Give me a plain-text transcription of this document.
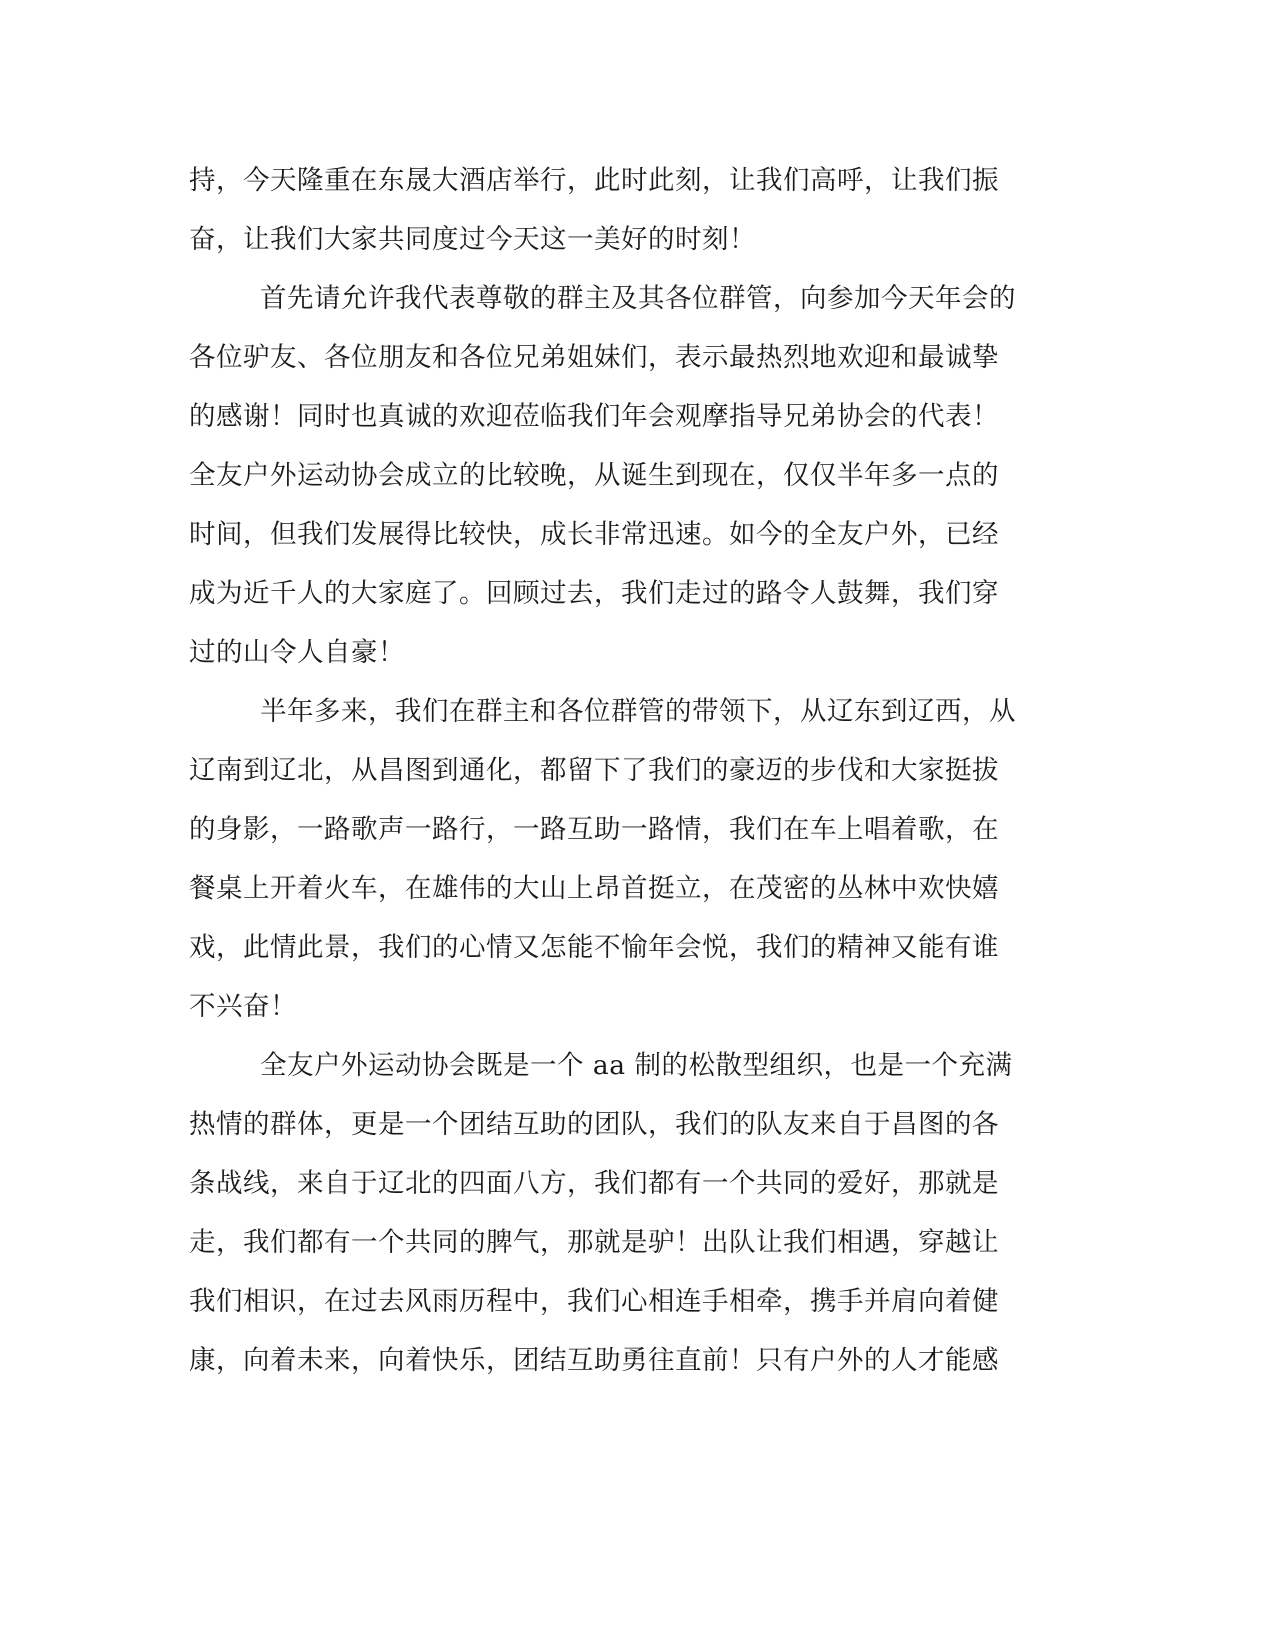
持，今天隆重在东晟大酒店举行，此时此刻，让我们高呼，让我们振
奋，让我们大家共同度过今天这一美好的时刻！
首先请允许我代表尊敬的群主及其各位群管，向参加今天年会的
各位驴友、各位朋友和各位兄弟姐妹们，表示最热烈地欢迎和最诚挚
的感谢！同时也真诚的欢迎莅临我们年会观摩指导兄弟协会的代表！
全友户外运动协会成立的比较晚，从诞生到现在，仅仅半年多一点的
时间，但我们发展得比较快，成长非常迅速。如今的全友户外，已经
成为近千人的大家庭了。回顾过去，我们走过的路令人鼓舞，我们穿
过的山令人自豪！
半年多来，我们在群主和各位群管的带领下，从辽东到辽西，从
辽南到辽北，从昌图到通化，都留下了我们的豪迈的步伐和大家挺拔
的身影，一路歌声一路行，一路互助一路情，我们在车上唱着歌，在
餐桌上开着火车，在雄伟的大山上昂首挺立，在茂密的丛林中欢快嬉
戏，此情此景，我们的心情又怎能不愉年会悦，我们的精神又能有谁
不兴奋！
全友户外运动协会既是一个 aa 制的松散型组织，也是一个充满
热情的群体，更是一个团结互助的团队，我们的队友来自于昌图的各
条战线，来自于辽北的四面八方，我们都有一个共同的爱好，那就是
走，我们都有一个共同的脾气，那就是驴！出队让我们相遇，穿越让
我们相识，在过去风雨历程中，我们心相连手相牵，携手并肩向着健
康，向着未来，向着快乐，团结互助勇往直前！只有户外的人才能感
